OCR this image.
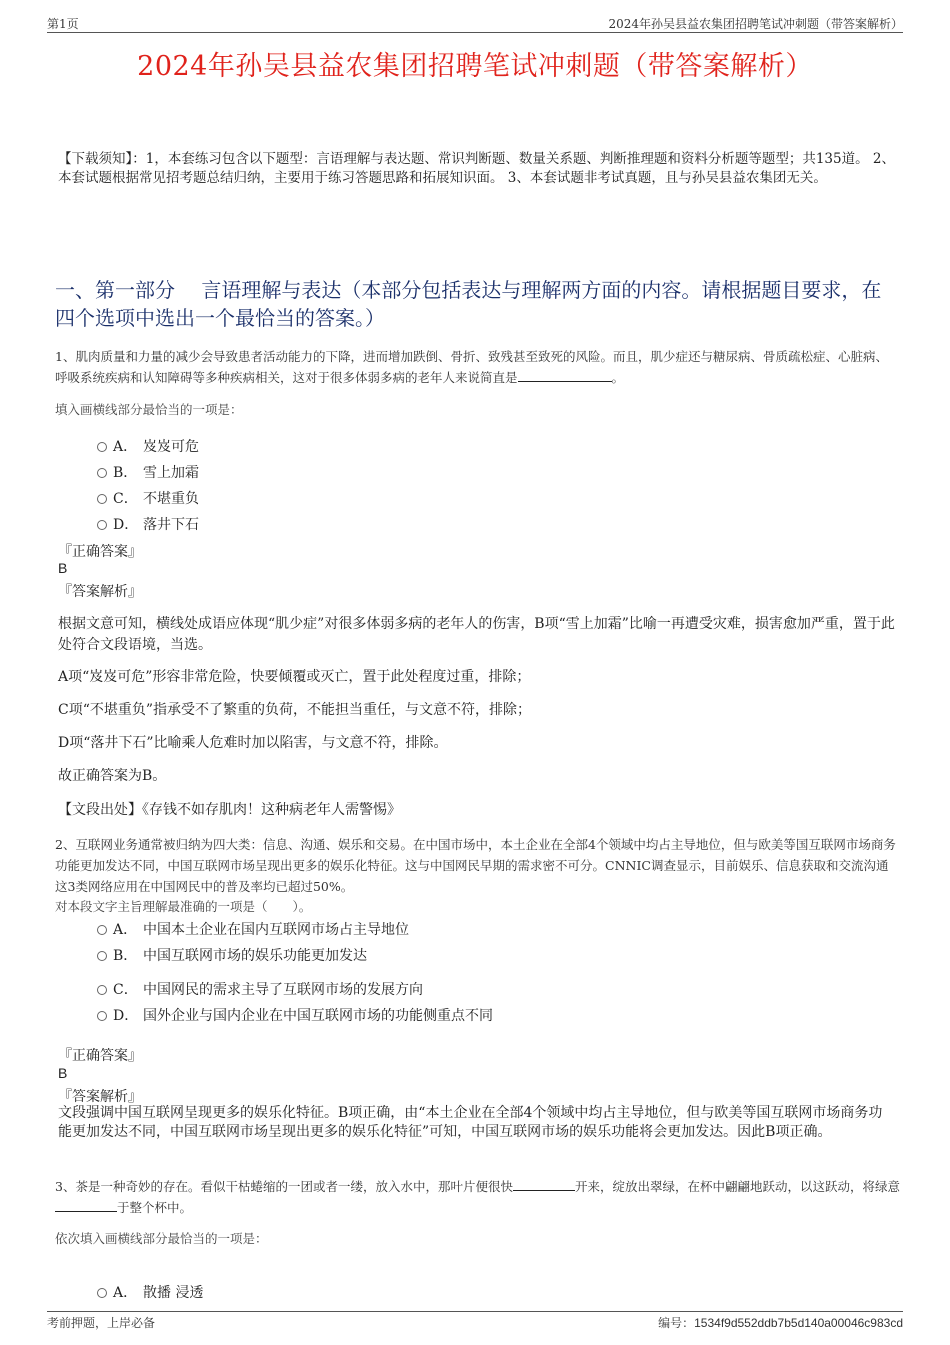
第1页	2024年孙吴县益农集团招聘笔试冲刺题（带答案解析）
2024年孙吴县益农集团招聘笔试冲刺题（带答案解析）
【下载须知】：1，本套练习包含以下题型：言语理解与表达题、常识判断题、数量关系题、判断推理题和资料分析题等题型；共135道。 2、本套试题根据常见招考题总结归纳，主要用于练习答题思路和拓展知识面。 3、本套试题非考试真题，且与孙吴县益农集团无关。
一、第一部分　 言语理解与表达（本部分包括表达与理解两方面的内容。请根据题目要求，在四个选项中选出一个最恰当的答案。）
1、肌肉质量和力量的减少会导致患者活动能力的下降，进而增加跌倒、骨折、致残甚至致死的风险。而且，肌少症还与糖尿病、骨质疏松症、心脏病、呼吸系统疾病和认知障碍等多种疾病相关，这对于很多体弱多病的老年人来说简直是	。
填入画横线部分最恰当的一项是：
A． 岌岌可危
B． 雪上加霜
C． 不堪重负
D． 落井下石
『正确答案』
B
『答案解析』
根据文意可知，横线处成语应体现“肌少症”对很多体弱多病的老年人的伤害，B项“雪上加霜”比喻一再遭受灾难，损害愈加严重，置于此处符合文段语境，当选。
A项“岌岌可危”形容非常危险，快要倾覆或灭亡，置于此处程度过重，排除；
C项“不堪重负”指承受不了繁重的负荷，不能担当重任，与文意不符，排除；
D项“落井下石”比喻乘人危难时加以陷害，与文意不符，排除。
故正确答案为B。
【文段出处】《存钱不如存肌肉！这种病老年人需警惕》
2、互联网业务通常被归纳为四大类：信息、沟通、娱乐和交易。在中国市场中，本土企业在全部4个领域中均占主导地位，但与欧美等国互联网市场商务功能更加发达不同，中国互联网市场呈现出更多的娱乐化特征。这与中国网民早期的需求密不可分。CNNIC调查显示，目前娱乐、信息获取和交流沟通这3类网络应用在中国网民中的普及率均已超过50%。
对本段文字主旨理解最准确的一项是（　　）。
A． 中国本土企业在国内互联网市场占主导地位
B． 中国互联网市场的娱乐功能更加发达
C． 中国网民的需求主导了互联网市场的发展方向
D． 国外企业与国内企业在中国互联网市场的功能侧重点不同
『正确答案』
B
『答案解析』
文段强调中国互联网呈现更多的娱乐化特征。B项正确，由“本土企业在全部4个领域中均占主导地位，但与欧美等国互联网市场商务功能更加发达不同，中国互联网市场呈现出更多的娱乐化特征”可知，中国互联网市场的娱乐功能将会更加发达。因此B项正确。
3、茶是一种奇妙的存在。看似干枯蜷缩的一团或者一缕，放入水中，那叶片便很快	开来，绽放出翠绿，在杯中翩翩地跃动，以这跃动，将绿意于整个杯中。
依次填入画横线部分最恰当的一项是：
A． 散播 浸透
考前押题，上岸必备	编号：1534f9d552ddb7b5d140a00046c983cd
